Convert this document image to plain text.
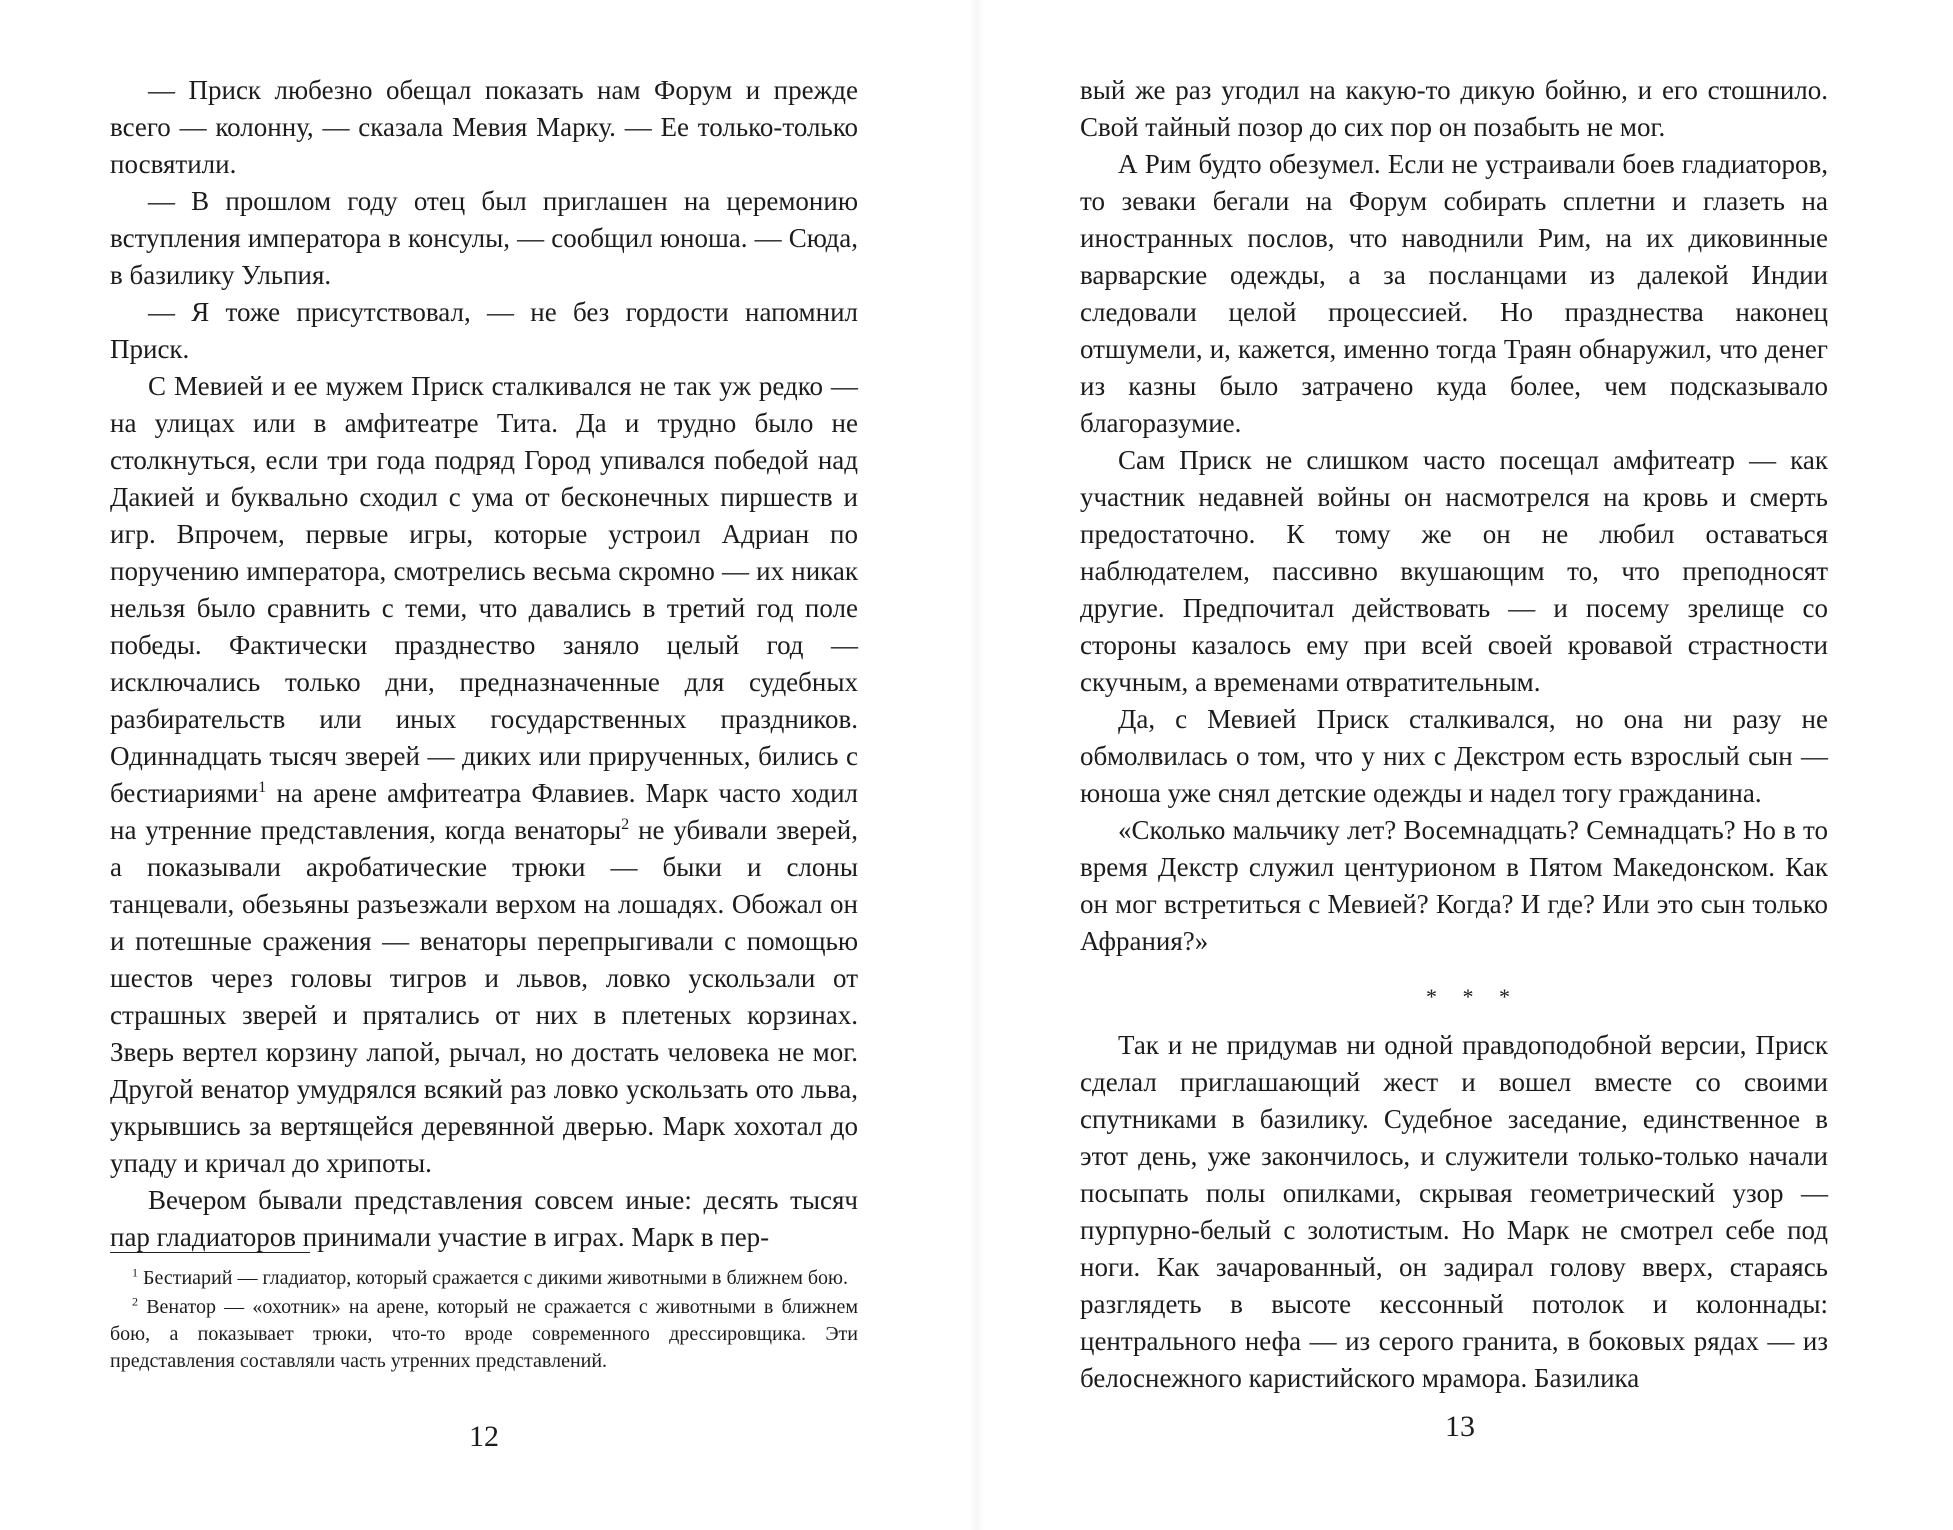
— Приск любезно обещал показать нам Форум и прежде всего — колонну, — сказала Мевия Марку. — Ее только-только посвятили.

— В прошлом году отец был приглашен на церемонию вступления императора в консулы, — сообщил юноша. — Сюда, в базилику Ульпия.

— Я тоже присутствовал, — не без гордости напомнил Приск.

С Мевией и ее мужем Приск сталкивался не так уж редко — на улицах или в амфитеатре Тита. Да и трудно было не столкнуться, если три года подряд Город упивался победой над Дакией и буквально сходил с ума от бесконечных пиршеств и игр. Впрочем, первые игры, которые устроил Адриан по поручению императора, смотрелись весьма скромно — их никак нельзя было сравнить с теми, что давались в третий год поле победы. Фактически празднество заняло целый год — исключались только дни, предназначенные для судебных разбирательств или иных государственных праздников. Одиннадцать тысяч зверей — диких или прирученных, бились с бестиариями$^1$ на арене амфитеатра Флавиев. Марк часто ходил на утренние представления, когда венаторы$^2$ не убивали зверей, а показывали акробатические трюки — быки и слоны танцевали, обезьяны разъезжали верхом на лошадях. Обожал он и потешные сражения — венаторы перепрыгивали с помощью шестов через головы тигров и львов, ловко ускользали от страшных зверей и прятались от них в плетеных корзинах. Зверь вертел корзину лапой, рычал, но достать человека не мог. Другой венатор умудрялся всякий раз ловко ускользать ото льва, укрывшись за вертящейся деревянной дверью. Марк хохотал до упаду и кричал до хрипоты.

Вечером бывали представления совсем иные: десять тысяч пар гладиаторов принимали участие в играх. Марк в пер-

$^1$ Бестиарий — гладиатор, который сражается с дикими животными в ближнем бою.

$^2$ Венатор — «охотник» на арене, который не сражается с животными в ближнем бою, а показывает трюки, что-то вроде современного дрессировщика. Эти представления составляли часть утренних представлений.

12

вый же раз угодил на какую-то дикую бойню, и его стошнило. Свой тайный позор до сих пор он позабыть не мог.

А Рим будто обезумел. Если не устраивали боев гладиаторов, то зеваки бегали на Форум собирать сплетни и глазеть на иностранных послов, что наводнили Рим, на их диковинные варварские одежды, а за посланцами из далекой Индии следовали целой процессией. Но празднества наконец отшумели, и, кажется, именно тогда Траян обнаружил, что денег из казны было затрачено куда более, чем подсказывало благоразумие.

Сам Приск не слишком часто посещал амфитеатр — как участник недавней войны он насмотрелся на кровь и смерть предостаточно. К тому же он не любил оставаться наблюдателем, пассивно вкушающим то, что преподносят другие. Предпочитал действовать — и посему зрелище со стороны казалось ему при всей своей кровавой страстности скучным, а временами отвратительным.

Да, с Мевией Приск сталкивался, но она ни разу не обмолвилась о том, что у них с Декстром есть взрослый сын — юноша уже снял детские одежды и надел тогу гражданина.

«Сколько мальчику лет? Восемнадцать? Семнадцать? Но в то время Декстр служил центурионом в Пятом Македонском. Как он мог встретиться с Мевией? Когда? И где? Или это сын только Афрания?»

* * *

Так и не придумав ни одной правдоподобной версии, Приск сделал приглашающий жест и вошел вместе со своими спутниками в базилику. Судебное заседание, единственное в этот день, уже закончилось, и служители только-только начали посыпать полы опилками, скрывая геометрический узор — пурпурно-белый с золотистым. Но Марк не смотрел себе под ноги. Как зачарованный, он задирал голову вверх, стараясь разглядеть в высоте кессонный потолок и колоннады: центрального нефа — из серого гранита, в боковых рядах — из белоснежного каристийского мрамора. Базилика

13
